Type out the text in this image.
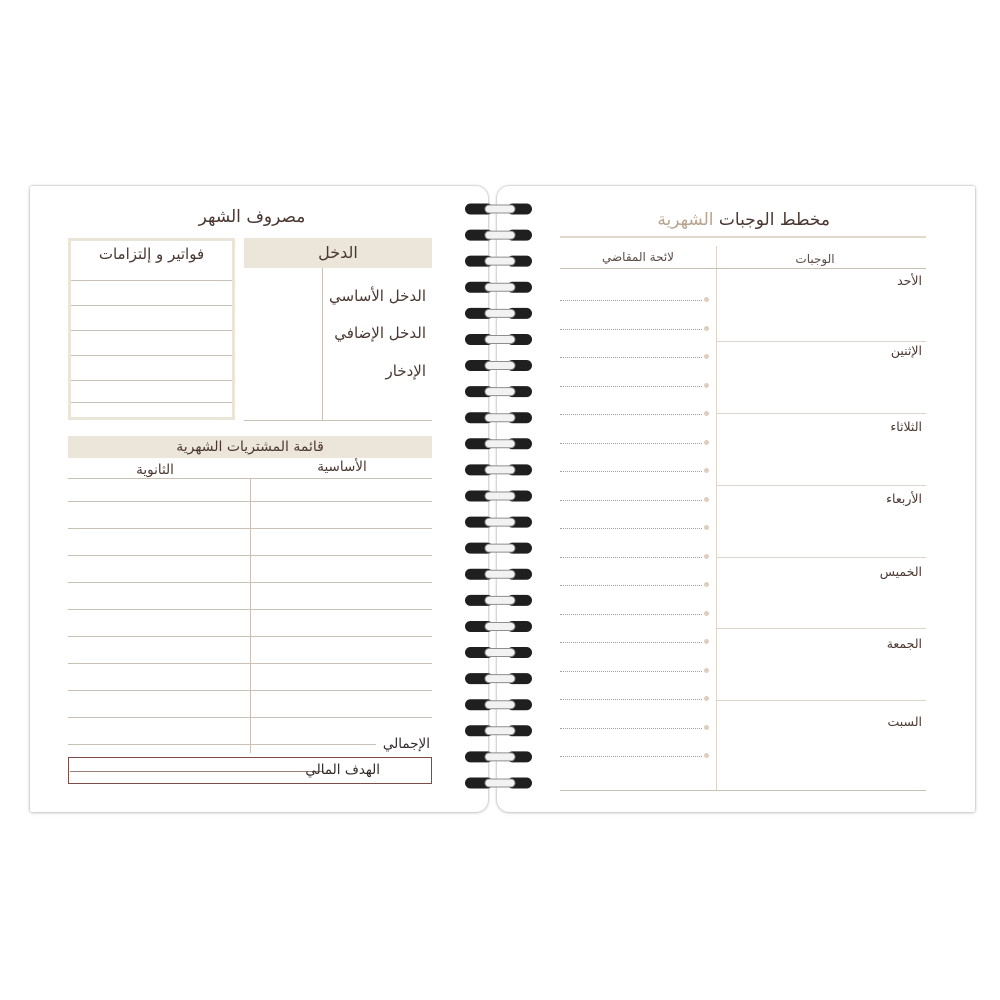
مصروف الشهر
فواتير و إلتزامات	الدخل
الدخل الأساسي
الدخل الإضافي
الإدخار
قائمة المشتريات الشهرية
الأساسية
الثانوية
الإجمالي
الهدف المالي
مخطط الوجبات الشهرية
الوجبات
لائحة المقاضي
الأحد
الإثنين
الثلاثاء
الأربعاء
الخميس
الجمعة
السبت
